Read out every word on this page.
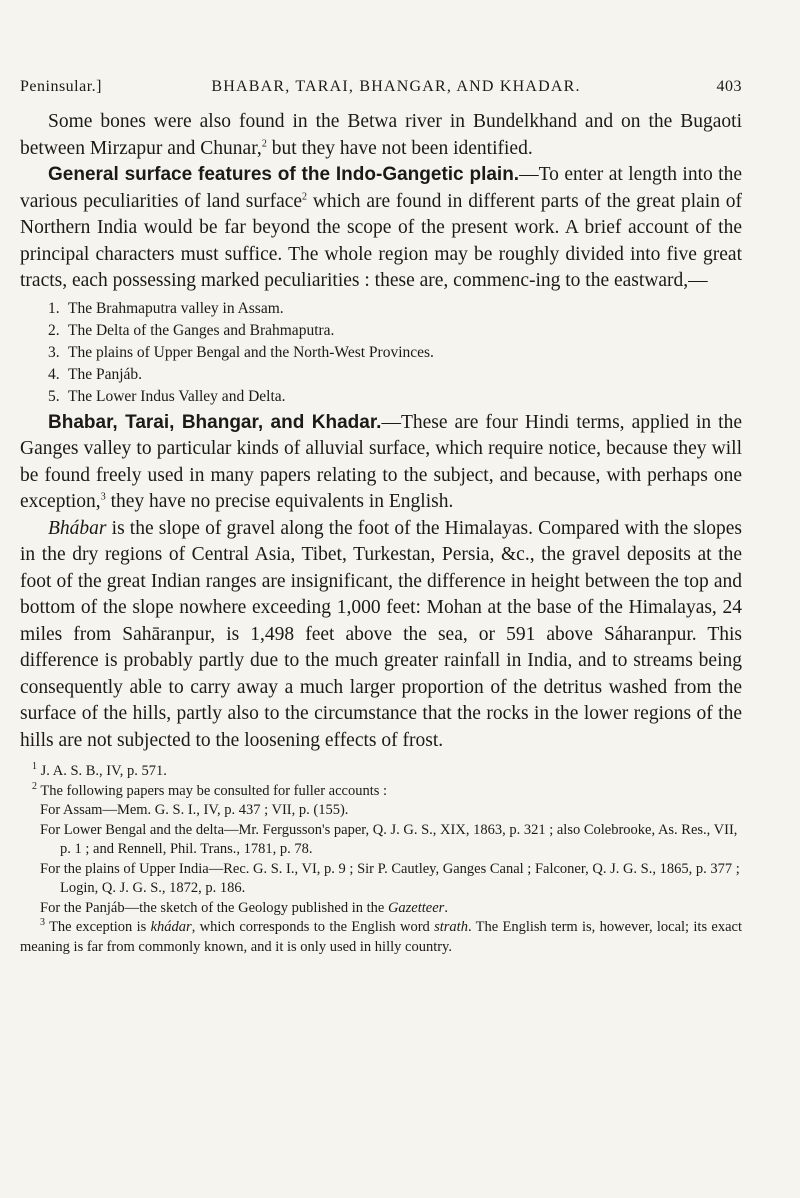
Peninsular.]	BHABAR, TARAI, BHANGAR, AND KHADAR.	403

Some bones were also found in the Betwa river in Bundelkhand and on the Bugaoti between Mirzapur and Chunar,$^2$ but they have not been identified.

General surface features of the Indo-Gangetic plain.—To enter at length into the various peculiarities of land surface$^2$ which are found in different parts of the great plain of Northern India would be far beyond the scope of the present work. A brief account of the principal characters must suffice. The whole region may be roughly divided into five great tracts, each possessing marked peculiarities : these are, commenc-ing to the eastward,—

1. The Brahmaputra valley in Assam.
2. The Delta of the Ganges and Brahmaputra.
3. The plains of Upper Bengal and the North-West Provinces.
4. The Panjáb.
5. The Lower Indus Valley and Delta.

Bhabar, Tarai, Bhangar, and Khadar.—These are four Hindi terms, applied in the Ganges valley to particular kinds of alluvial surface, which require notice, because they will be found freely used in many papers relating to the subject, and because, with perhaps one exception,$^3$ they have no precise equivalents in English.

Bhábar is the slope of gravel along the foot of the Himalayas. Compared with the slopes in the dry regions of Central Asia, Tibet, Turkestan, Persia, &c., the gravel deposits at the foot of the great Indian ranges are insignificant, the difference in height between the top and bottom of the slope nowhere exceeding 1,000 feet: Mohan at the base of the Himalayas, 24 miles from Sahāranpur, is 1,498 feet above the sea, or 591 above Sáharanpur. This difference is probably partly due to the much greater rainfall in India, and to streams being consequently able to carry away a much larger proportion of the detritus washed from the surface of the hills, partly also to the circumstance that the rocks in the lower regions of the hills are not subjected to the loosening effects of frost.

$^1$ J. A. S. B., IV, p. 571.

$^2$ The following papers may be consulted for fuller accounts :

For Assam—Mem. G. S. I., IV, p. 437 ; VII, p. (155).

For Lower Bengal and the delta—Mr. Fergusson's paper, Q. J. G. S., XIX, 1863, p. 321 ; also Colebrooke, As. Res., VII, p. 1 ; and Rennell, Phil. Trans., 1781, p. 78.

For the plains of Upper India—Rec. G. S. I., VI, p. 9 ; Sir P. Cautley, Ganges Canal ; Falconer, Q. J. G. S., 1865, p. 377 ; Login, Q. J. G. S., 1872, p. 186.

For the Panjáb—the sketch of the Geology published in the Gazetteer.

$^3$ The exception is khádar, which corresponds to the English word strath. The English term is, however, local; its exact meaning is far from commonly known, and it is only used in hilly country.
